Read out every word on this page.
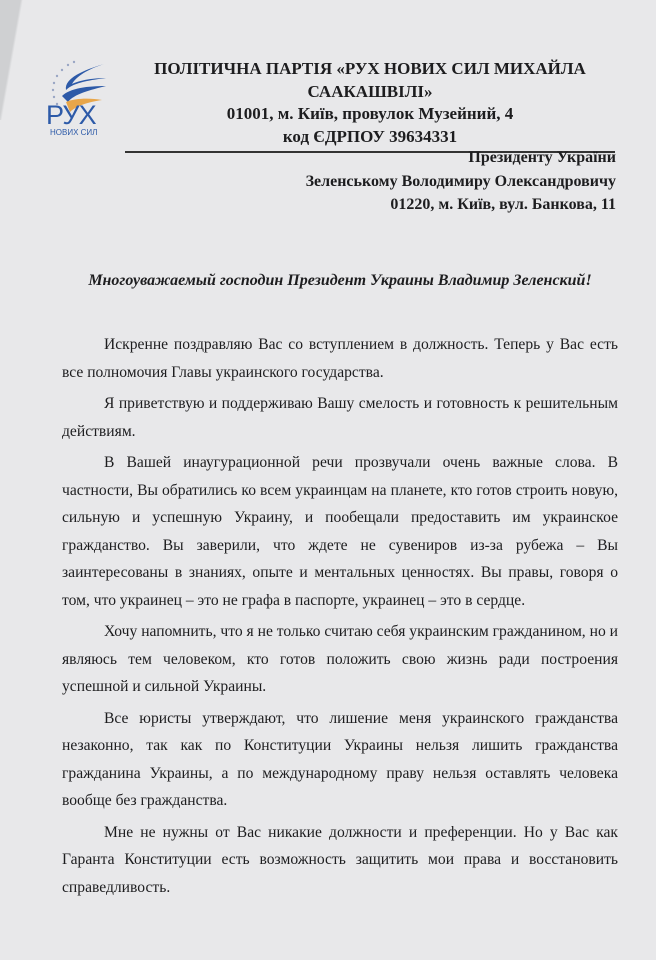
РУХ
НОВИХ СИЛ
ПОЛІТИЧНА ПАРТІЯ «РУХ НОВИХ СИЛ МИХАЙЛА
СААКАШВІЛІ»
01001, м. Київ, провулок Музейний, 4
код ЄДРПОУ 39634331
Президенту України
Зеленському Володимиру Олександровичу
01220, м. Київ, вул. Банкова, 11
Многоуважаемый господин Президент Украины Владимир Зеленский!

Искренне поздравляю Вас со вступлением в должность. Теперь у Вас есть все полномочия Главы украинского государства.

Я приветствую и поддерживаю Вашу смелость и готовность к решительным действиям.

В Вашей инаугурационной речи прозвучали очень важные слова. В частности, Вы обратились ко всем украинцам на планете, кто готов строить новую, сильную и успешную Украину, и пообещали предоставить им украинское гражданство. Вы заверили, что ждете не сувениров из-за рубежа – Вы заинтересованы в знаниях, опыте и ментальных ценностях. Вы правы, говоря о том, что украинец – это не графа в паспорте, украинец – это в сердце.

Хочу напомнить, что я не только считаю себя украинским гражданином, но и являюсь тем человеком, кто готов положить свою жизнь ради построения успешной и сильной Украины.

Все юристы утверждают, что лишение меня украинского гражданства незаконно, так как по Конституции Украины нельзя лишить гражданства гражданина Украины, а по международному праву нельзя оставлять человека вообще без гражданства.

Мне не нужны от Вас никакие должности и преференции. Но у Вас как Гаранта Конституции есть возможность защитить мои права и восстановить справедливость.
